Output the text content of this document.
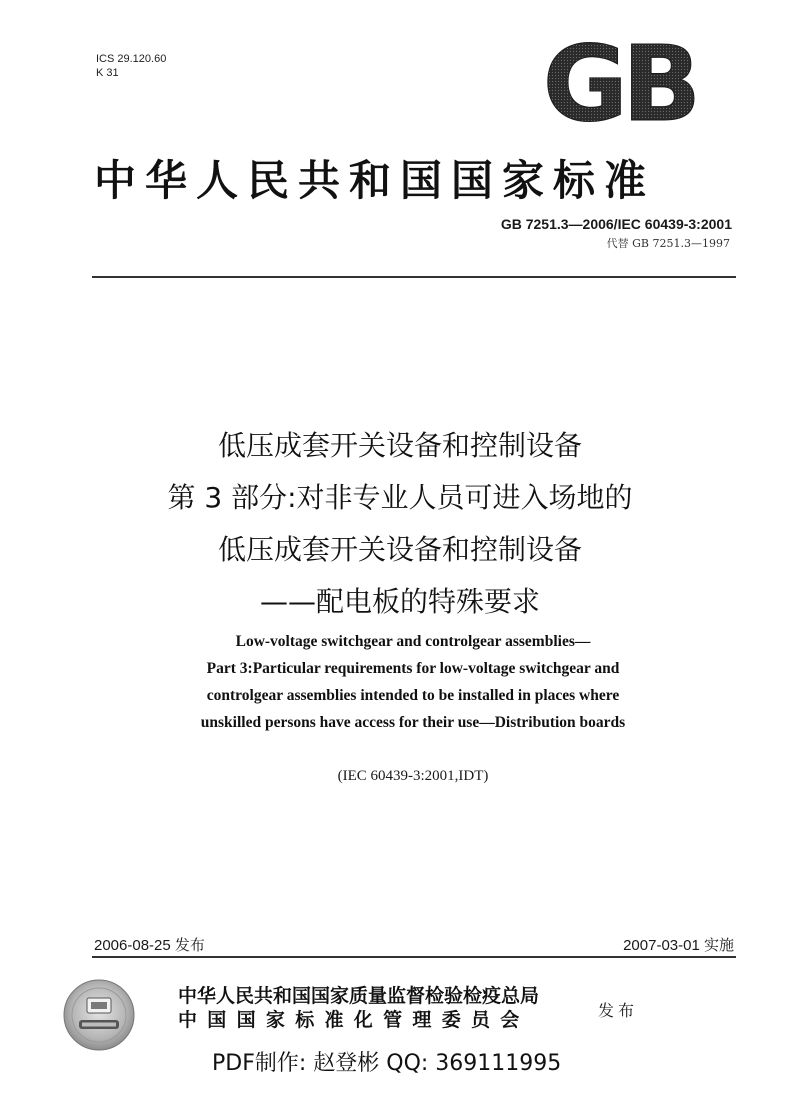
ICS 29.120.60
K 31	GB
中华人民共和国国家标准
GB 7251.3—2006/IEC 60439-3:2001
代替 GB 7251.3—1997
低压成套开关设备和控制设备
第 3 部分:对非专业人员可进入场地的
低压成套开关设备和控制设备
——配电板的特殊要求
Low-voltage switchgear and controlgear assemblies—
Part 3:Particular requirements for low-voltage switchgear and
controlgear assemblies intended to be installed in places where
unskilled persons have access for their use—Distribution boards
(IEC 60439-3:2001,IDT)
2006-08-25 发布	2007-03-01 实施
中华人民共和国国家质量监督检验检疫总局
中国国家标准化管理委员会	发布
PDF制作: 赵登彬 QQ: 369111995
